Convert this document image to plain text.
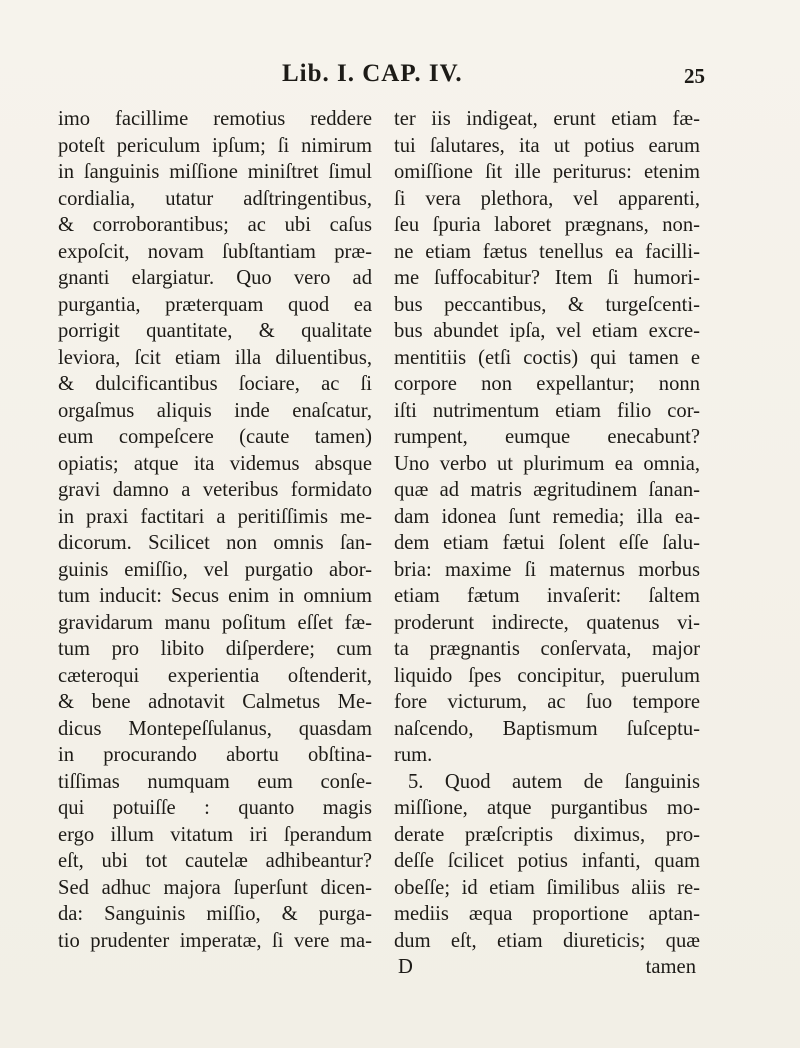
Lib. I. CAP. IV.	25
imo facillime remotius reddere
poteſt periculum ipſum; ſi nimirum
in ſanguinis miſſione miniſtret ſimul
cordialia, utatur adſtringentibus,
& corroborantibus; ac ubi caſus
expoſcit, novam ſubſtantiam præ-
gnanti elargiatur. Quo vero ad
purgantia, præterquam quod ea
porrigit quantitate, & qualitate
leviora, ſcit etiam illa diluentibus,
& dulcificantibus ſociare, ac ſi
orgaſmus aliquis inde enaſcatur,
eum compeſcere (caute tamen)
opiatis; atque ita videmus absque
gravi damno a veteribus formidato
in praxi factitari a peritiſſimis me-
dicorum. Scilicet non omnis ſan-
guinis emiſſio, vel purgatio abor-
tum inducit: Secus enim in omnium
gravidarum manu poſitum eſſet fæ-
tum pro libito diſperdere; cum
cæteroqui experientia oſtenderit,
& bene adnotavit Calmetus Me-
dicus Montepeſſulanus, quasdam
in procurando abortu obſtina-
tiſſimas numquam eum conſe-
qui potuiſſe : quanto magis
ergo illum vitatum iri ſperandum
eſt, ubi tot cautelæ adhibeantur?
Sed adhuc majora ſuperſunt dicen-
da: Sanguinis miſſio, & purga-
tio prudenter imperatæ, ſi vere ma-
ter iis indigeat, erunt etiam fæ-
tui ſalutares, ita ut potius earum
omiſſione ſit ille periturus: etenim
ſi vera plethora, vel apparenti,
ſeu ſpuria laboret prægnans, non-
ne etiam fætus tenellus ea facilli-
me ſuffocabitur? Item ſi humori-
bus peccantibus, & turgeſcenti-
bus abundet ipſa, vel etiam excre-
mentitiis (etſi coctis) qui tamen e
corpore non expellantur; nonn
iſti nutrimentum etiam filio cor-
rumpent, eumque enecabunt?
Uno verbo ut plurimum ea omnia,
quæ ad matris ægritudinem ſanan-
dam idonea ſunt remedia; illa ea-
dem etiam fætui ſolent eſſe ſalu-
bria: maxime ſi maternus morbus
etiam fætum invaſerit: ſaltem
proderunt indirecte, quatenus vi-
ta prægnantis conſervata, major
liquido ſpes concipitur, puerulum
fore victurum, ac ſuo tempore
naſcendo, Baptismum ſuſceptu-
rum.
5. Quod autem de ſanguinis
miſſione, atque purgantibus mo-
derate præſcriptis diximus, pro-
deſſe ſcilicet potius infanti, quam
obeſſe; id etiam ſimilibus aliis re-
mediis æqua proportione aptan-
dum eſt, etiam diureticis; quæ
D	tamen
